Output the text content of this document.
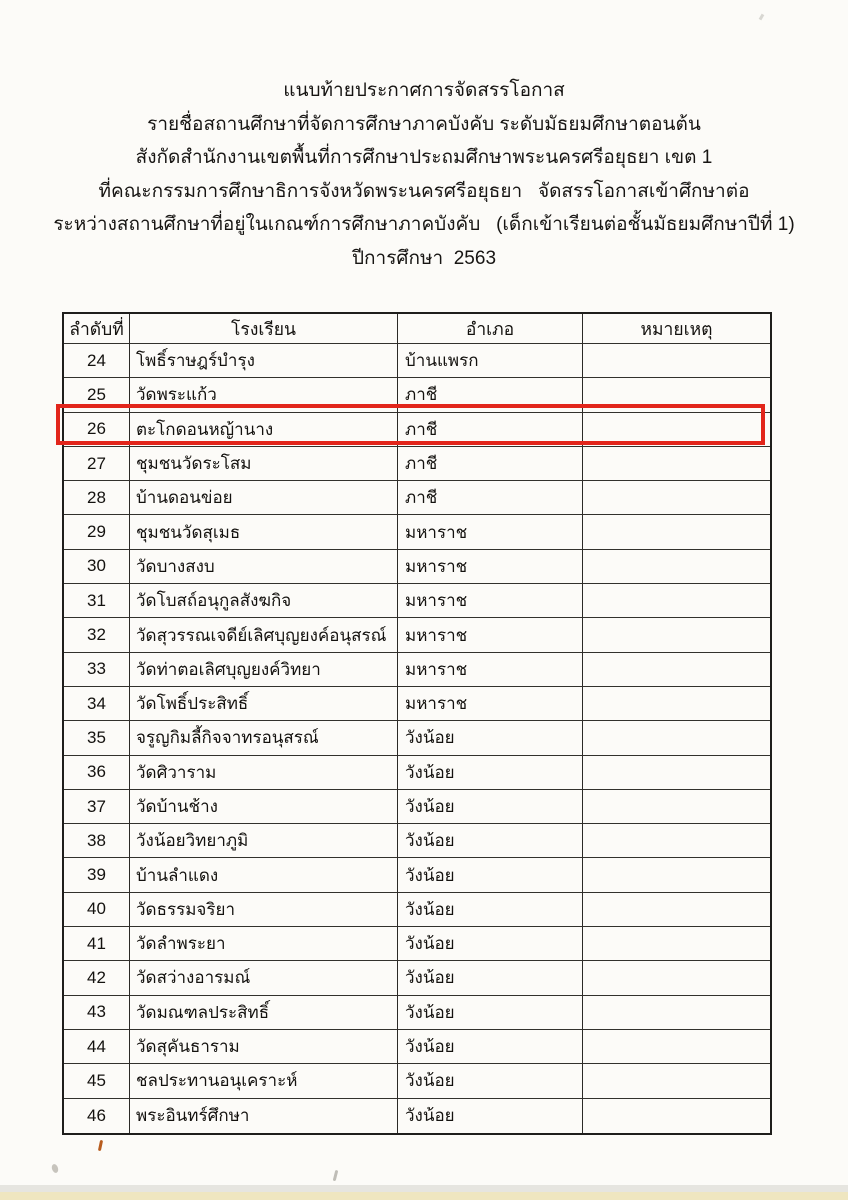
แนบท้ายประกาศการจัดสรรโอกาส
รายชื่อสถานศึกษาที่จัดการศึกษาภาคบังคับ ระดับมัธยมศึกษาตอนต้น
สังกัดสำนักงานเขตพื้นที่การศึกษาประถมศึกษาพระนครศรีอยุธยา เขต 1
ที่คณะกรรมการศึกษาธิการจังหวัดพระนครศรีอยุธยา   จัดสรรโอกาสเข้าศึกษาต่อ
ระหว่างสถานศึกษาที่อยู่ในเกณฑ์การศึกษาภาคบังคับ   (เด็กเข้าเรียนต่อชั้นมัธยมศึกษาปีที่ 1)
ปีการศึกษา  2563
ลำดับที่	โรงเรียน	อำเภอ	หมายเหตุ
24	โพธิ์ราษฎร์บำรุง	บ้านแพรก
25	วัดพระแก้ว	ภาชี
26	ตะโกดอนหญ้านาง	ภาชี
27	ชุมชนวัดระโสม	ภาชี
28	บ้านดอนข่อย	ภาชี
29	ชุมชนวัดสุเมธ	มหาราช
30	วัดบางสงบ	มหาราช
31	วัดโบสถ์อนุกูลสังฆกิจ	มหาราช
32	วัดสุวรรณเจดีย์เลิศบุญยงค์อนุสรณ์	มหาราช
33	วัดท่าตอเลิศบุญยงค์วิทยา	มหาราช
34	วัดโพธิ์ประสิทธิ์	มหาราช
35	จรูญกิมลี้กิจจาทรอนุสรณ์	วังน้อย
36	วัดศิวาราม	วังน้อย
37	วัดบ้านช้าง	วังน้อย
38	วังน้อยวิทยาภูมิ	วังน้อย
39	บ้านลำแดง	วังน้อย
40	วัดธรรมจริยา	วังน้อย
41	วัดลำพระยา	วังน้อย
42	วัดสว่างอารมณ์	วังน้อย
43	วัดมณฑลประสิทธิ์	วังน้อย
44	วัดสุคันธาราม	วังน้อย
45	ชลประทานอนุเคราะห์	วังน้อย
46	พระอินทร์ศึกษา	วังน้อย
